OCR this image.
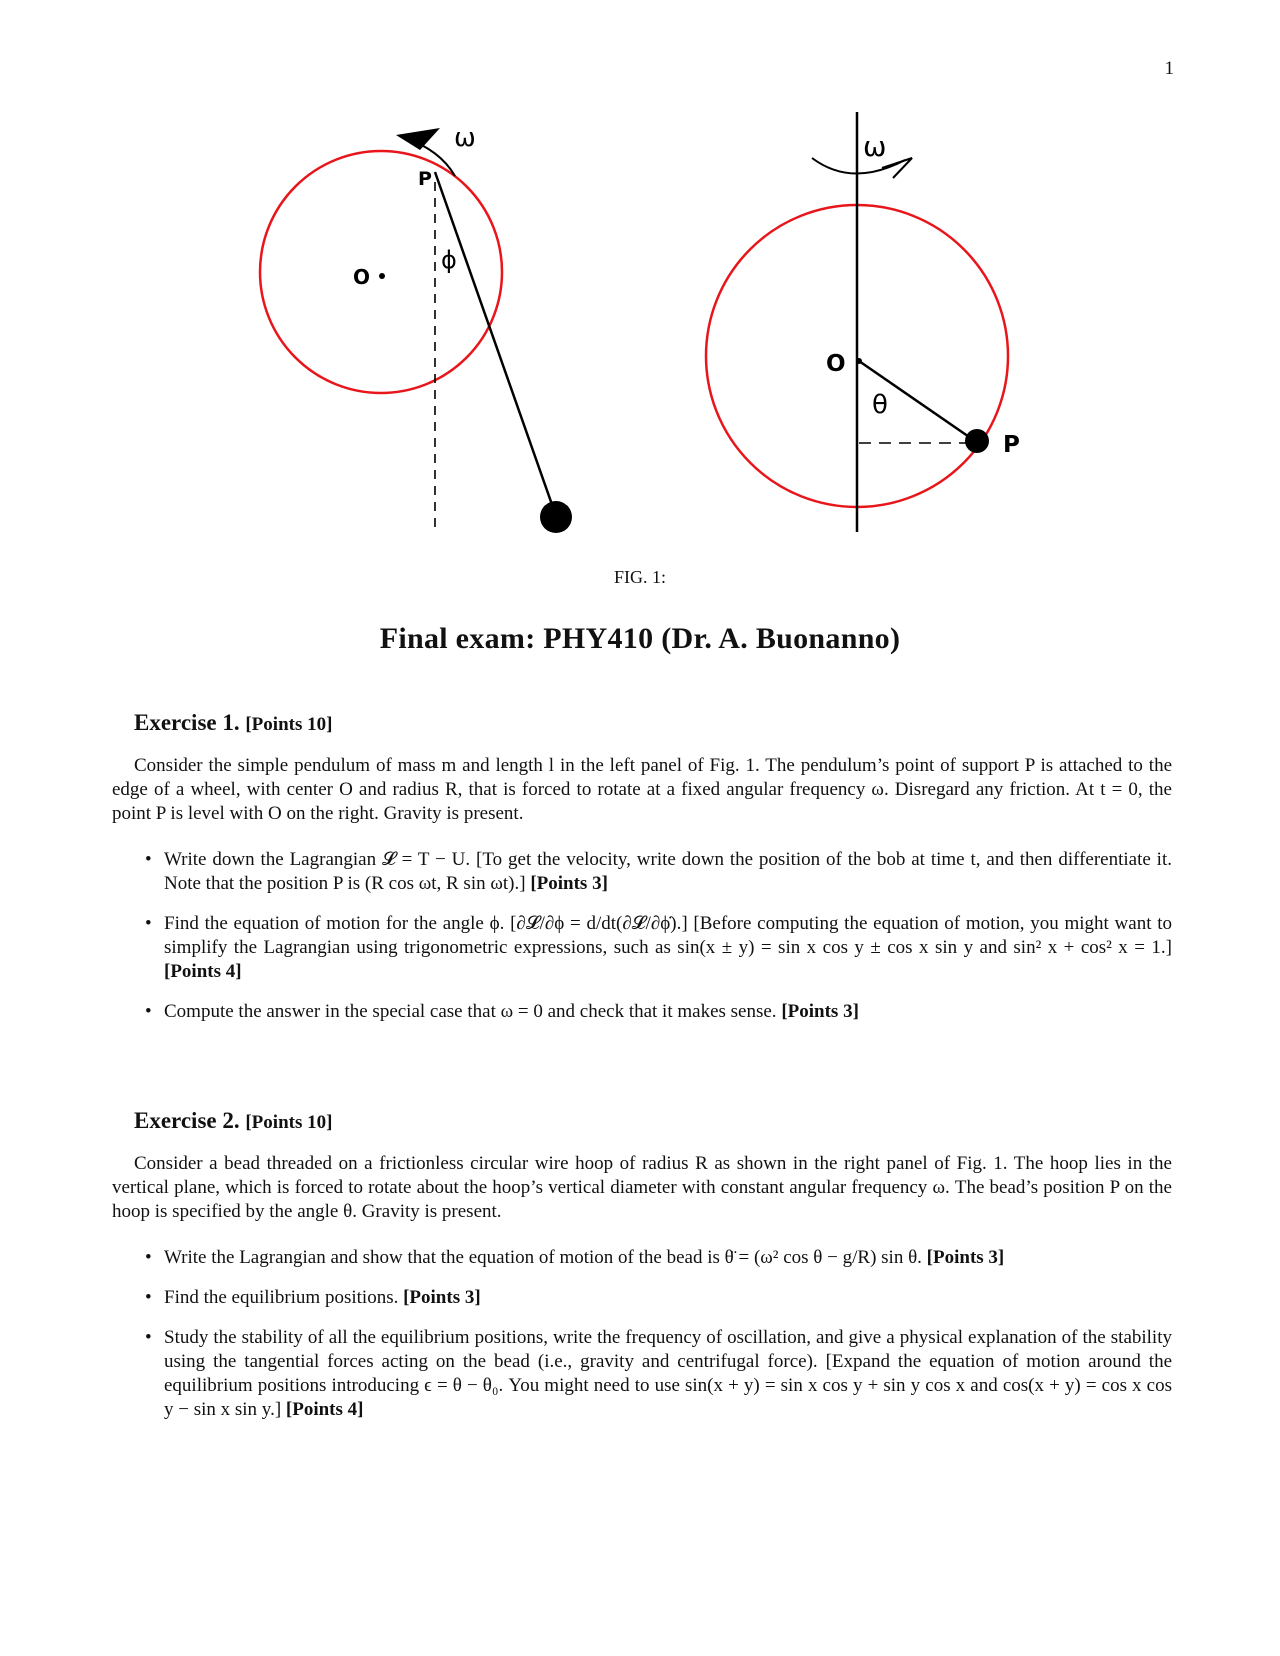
1
O
ω
P
ϕ
ω
O
θ
P
FIG. 1:
Final exam: PHY410 (Dr. A. Buonanno)
Exercise 1. [Points 10]

Consider the simple pendulum of mass m and length l in the left panel of Fig. 1. The pendulum’s point of support P is attached to the edge of a wheel, with center O and radius R, that is forced to rotate at a fixed angular frequency ω. Disregard any friction. At t = 0, the point P is level with O on the right. Gravity is present.

• Write down the Lagrangian 𝓛 = T − U. [To get the velocity, write down the position of the bob at time t, and then differentiate it. Note that the position P is (R cos ωt, R sin ωt).] [Points 3]
• Find the equation of motion for the angle ϕ. [∂𝓛/∂ϕ = d/dt(∂𝓛/∂ϕ̇).] [Before computing the equation of motion, you might want to simplify the Lagrangian using trigonometric expressions, such as sin(x ± y) = sin x cos y ± cos x sin y and sin² x + cos² x = 1.] [Points 4]
• Compute the answer in the special case that ω = 0 and check that it makes sense. [Points 3]
Exercise 2. [Points 10]

Consider a bead threaded on a frictionless circular wire hoop of radius R as shown in the right panel of Fig. 1. The hoop lies in the vertical plane, which is forced to rotate about the hoop’s vertical diameter with constant angular frequency ω. The bead’s position P on the hoop is specified by the angle θ. Gravity is present.

• Write the Lagrangian and show that the equation of motion of the bead is θ̈ = (ω² cos θ − g/R) sin θ. [Points 3]
• Find the equilibrium positions. [Points 3]
• Study the stability of all the equilibrium positions, write the frequency of oscillation, and give a physical explanation of the stability using the tangential forces acting on the bead (i.e., gravity and centrifugal force). [Expand the equation of motion around the equilibrium positions introducing ϵ = θ − θ₀. You might need to use sin(x + y) = sin x cos y + sin y cos x and cos(x + y) = cos x cos y − sin x sin y.] [Points 4]
